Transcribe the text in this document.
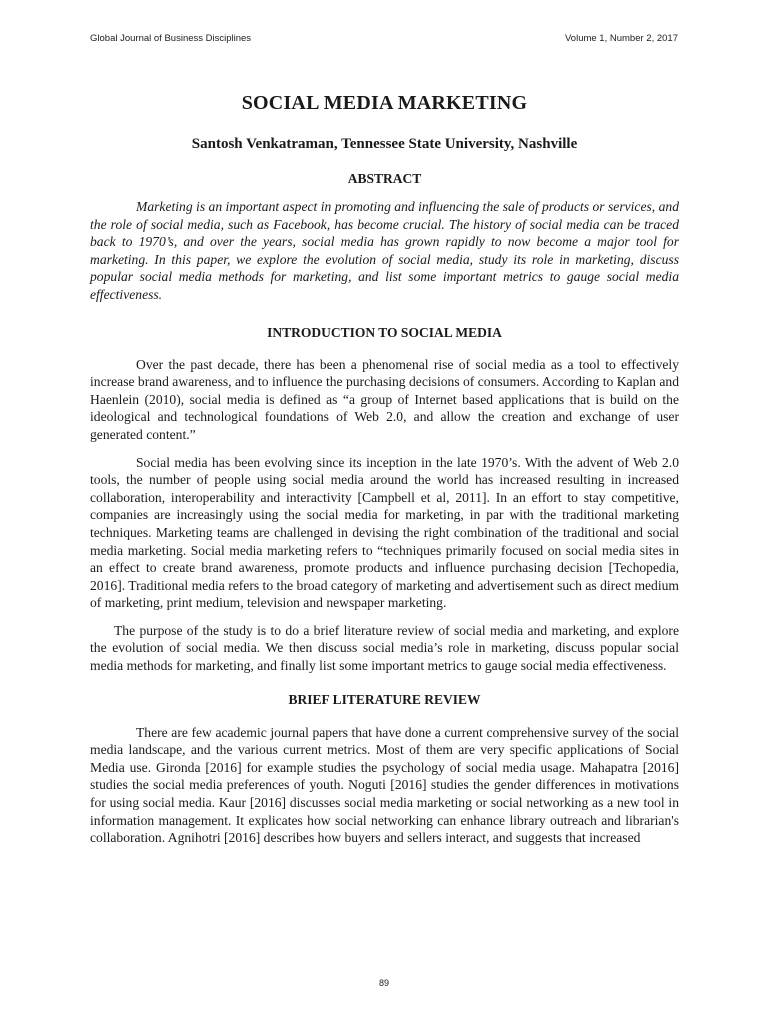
Global Journal of Business Disciplines	Volume 1, Number 2, 2017
SOCIAL MEDIA MARKETING
Santosh Venkatraman, Tennessee State University, Nashville
ABSTRACT

Marketing is an important aspect in promoting and influencing the sale of products or services, and the role of social media, such as Facebook, has become crucial. The history of social media can be traced back to 1970’s, and over the years, social media has grown rapidly to now become a major tool for marketing. In this paper, we explore the evolution of social media, study its role in marketing, discuss popular social media methods for marketing, and list some important metrics to gauge social media effectiveness.

INTRODUCTION TO SOCIAL MEDIA

Over the past decade, there has been a phenomenal rise of social media as a tool to effectively increase brand awareness, and to influence the purchasing decisions of consumers. According to Kaplan and Haenlein (2010), social media is defined as “a group of Internet based applications that is build on the ideological and technological foundations of Web 2.0, and allow the creation and exchange of user generated content.”

Social media has been evolving since its inception in the late 1970’s. With the advent of Web 2.0 tools, the number of people using social media around the world has increased resulting in increased collaboration, interoperability and interactivity [Campbell et al, 2011]. In an effort to stay competitive, companies are increasingly using the social media for marketing, in par with the traditional marketing techniques. Marketing teams are challenged in devising the right combination of the traditional and social media marketing. Social media marketing refers to “techniques primarily focused on social media sites in an effect to create brand awareness, promote products and influence purchasing decision [Techopedia, 2016]. Traditional media refers to the broad category of marketing and advertisement such as direct medium of marketing, print medium, television and newspaper marketing.

The purpose of the study is to do a brief literature review of social media and marketing, and explore the evolution of social media. We then discuss social media’s role in marketing, discuss popular social media methods for marketing, and finally list some important metrics to gauge social media effectiveness.

BRIEF LITERATURE REVIEW

There are few academic journal papers that have done a current comprehensive survey of the social media landscape, and the various current metrics. Most of them are very specific applications of Social Media use. Gironda [2016] for example studies the psychology of social media usage. Mahapatra [2016] studies the social media preferences of youth. Noguti [2016] studies the gender differences in motivations for using social media. Kaur [2016] discusses social media marketing or social networking as a new tool in information management. It explicates how social networking can enhance library outreach and librarian's collaboration. Agnihotri [2016] describes how buyers and sellers interact, and suggests that increased

89
